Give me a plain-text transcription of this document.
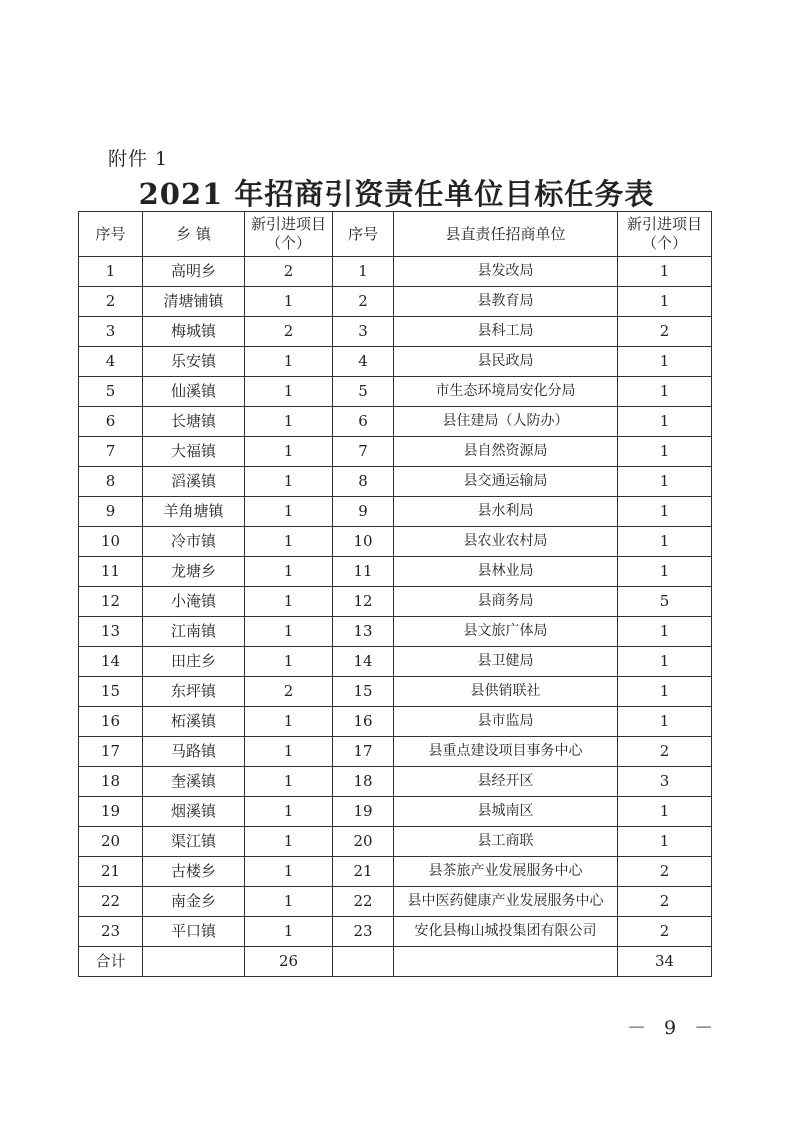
附件 1
2021 年招商引资责任单位目标任务表
序号	乡 镇	新引进项目（个）	序号	县直责任招商单位	新引进项目（个）
1	高明乡	2	1	县发改局	1
2	清塘铺镇	1	2	县教育局	1
3	梅城镇	2	3	县科工局	2
4	乐安镇	1	4	县民政局	1
5	仙溪镇	1	5	市生态环境局安化分局	1
6	长塘镇	1	6	县住建局（人防办）	1
7	大福镇	1	7	县自然资源局	1
8	滔溪镇	1	8	县交通运输局	1
9	羊角塘镇	1	9	县水利局	1
10	冷市镇	1	10	县农业农村局	1
11	龙塘乡	1	11	县林业局	1
12	小淹镇	1	12	县商务局	5
13	江南镇	1	13	县文旅广体局	1
14	田庄乡	1	14	县卫健局	1
15	东坪镇	2	15	县供销联社	1
16	柘溪镇	1	16	县市监局	1
17	马路镇	1	17	县重点建设项目事务中心	2
18	奎溪镇	1	18	县经开区	3
19	烟溪镇	1	19	县城南区	1
20	渠江镇	1	20	县工商联	1
21	古楼乡	1	21	县茶旅产业发展服务中心	2
22	南金乡	1	22	县中医药健康产业发展服务中心	2
23	平口镇	1	23	安化县梅山城投集团有限公司	2
合计		26			34
－ 9 －
